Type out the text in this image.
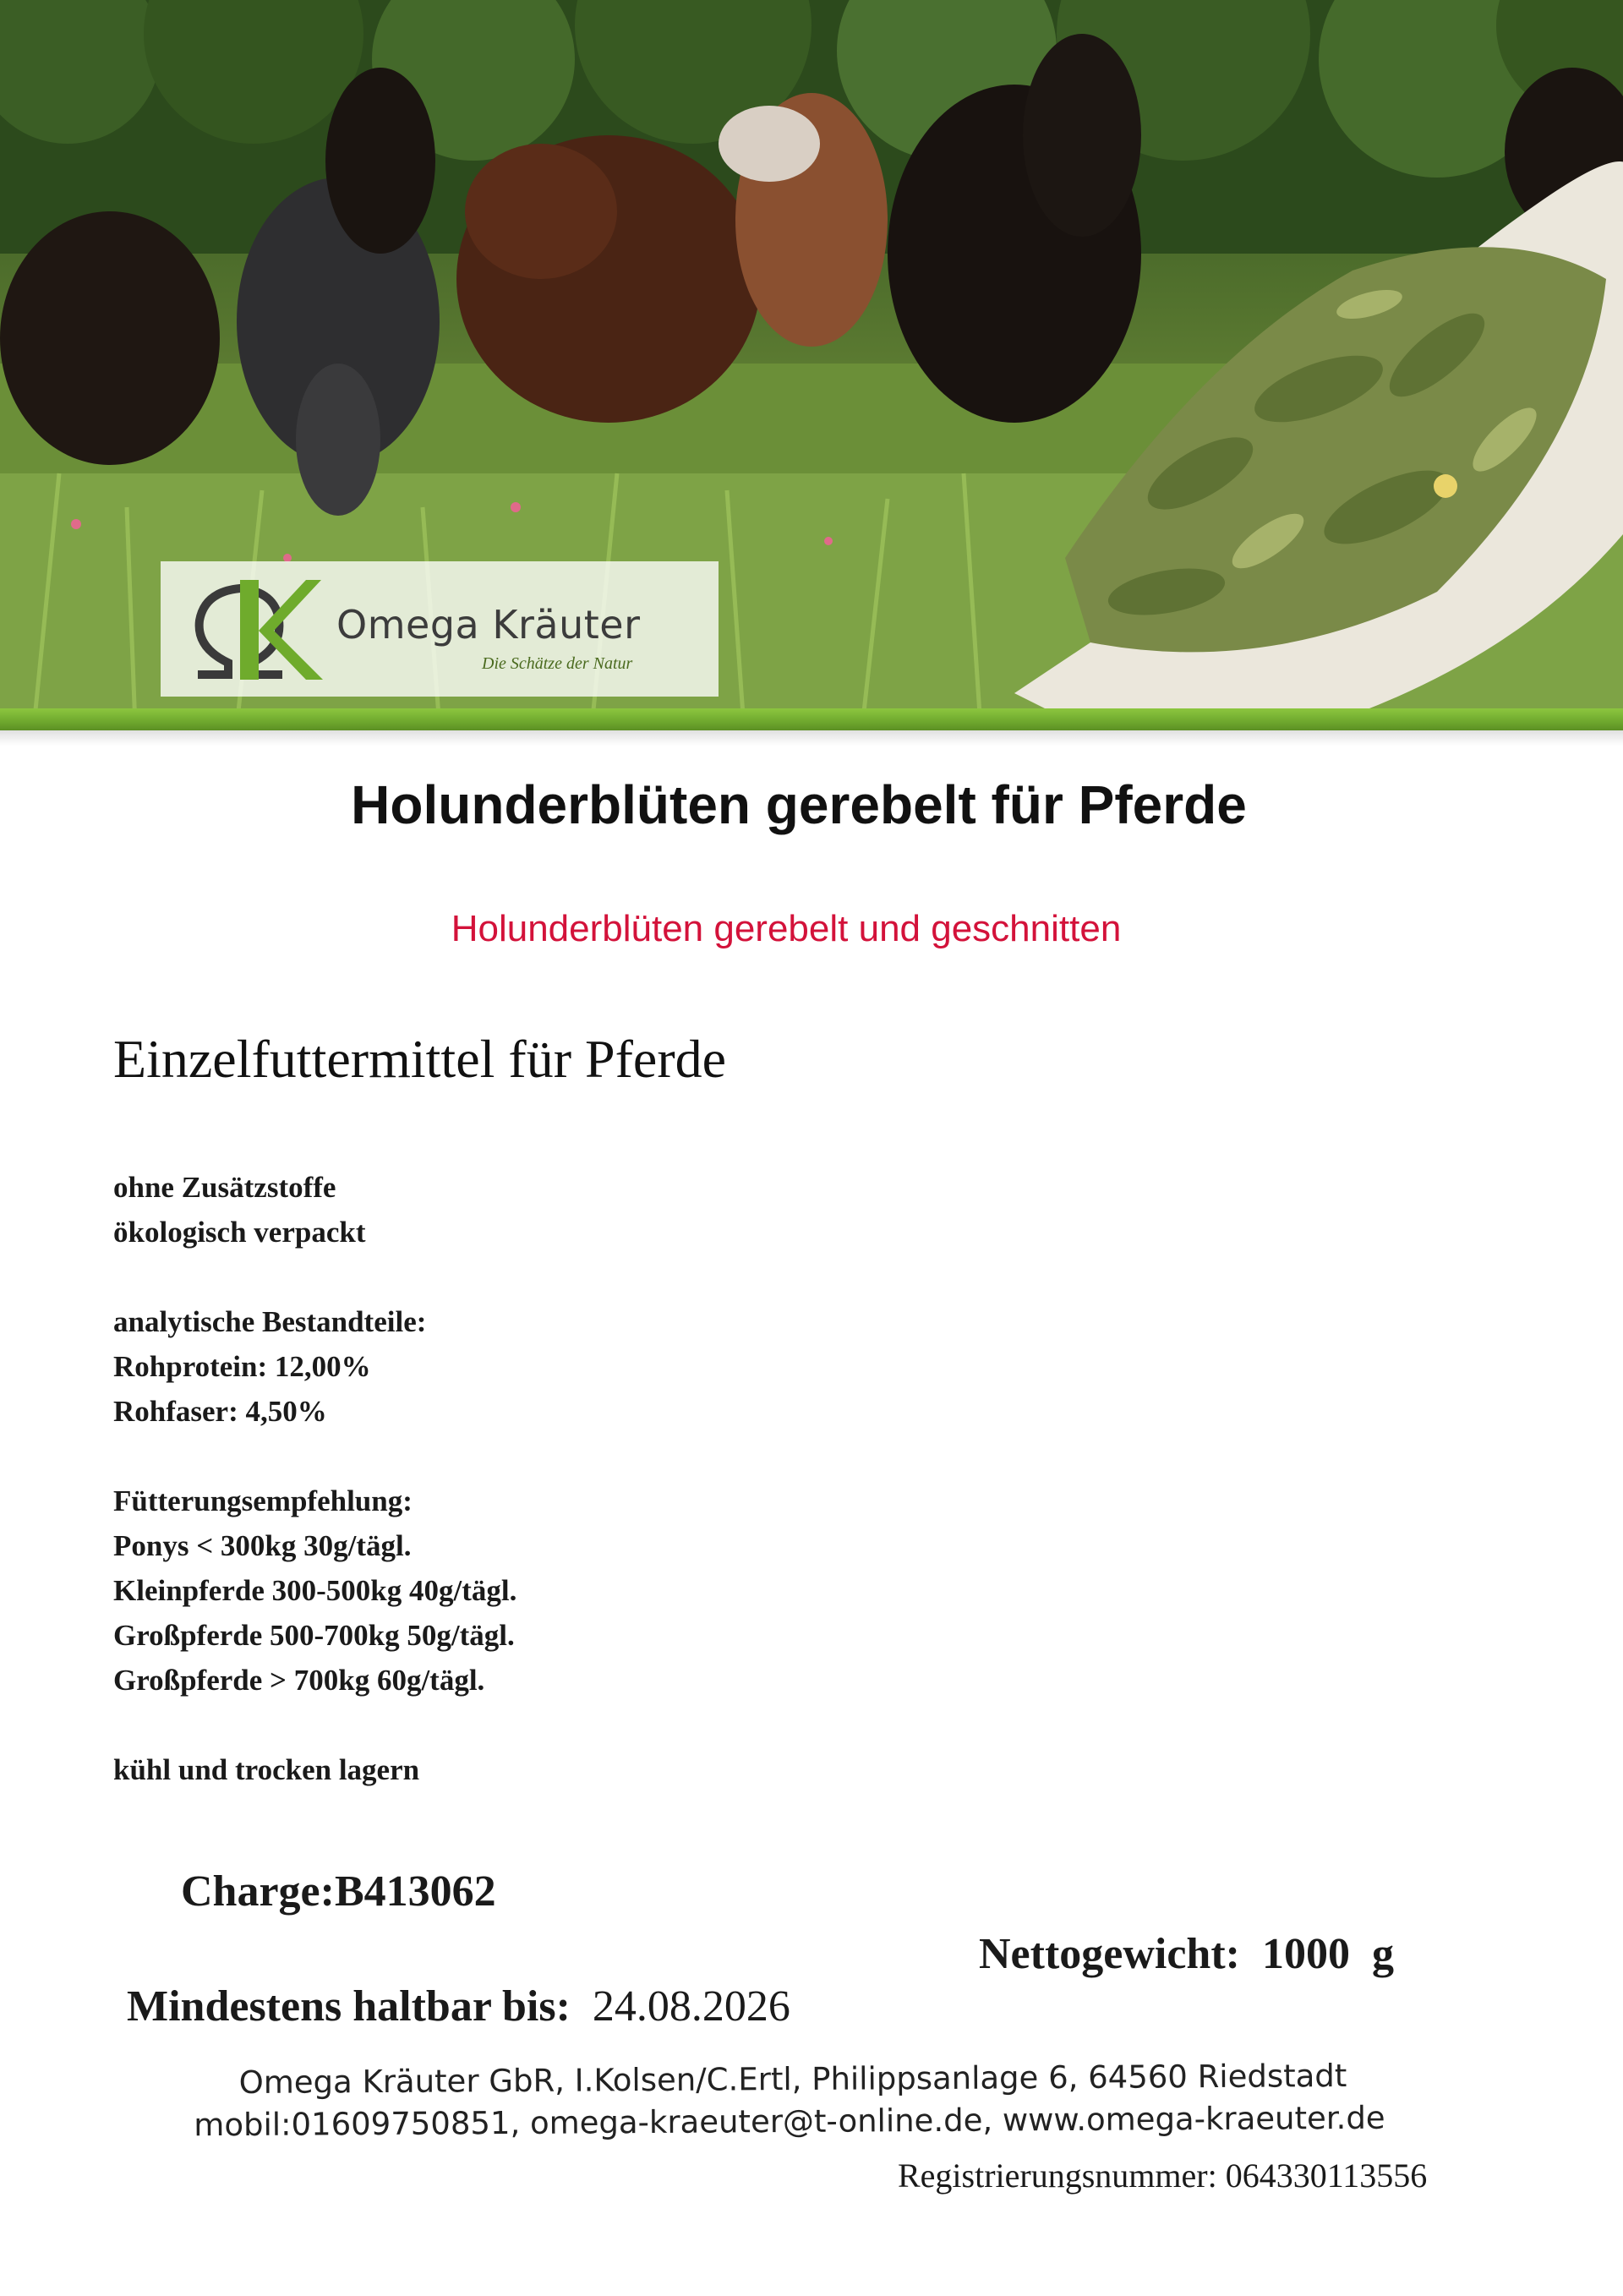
Omega Kräuter
Die Schätze der Natur
Holunderblüten gerebelt für Pferde
Holunderblüten gerebelt und geschnitten
Einzelfuttermittel für Pferde
ohne Zusätzstoffe
ökologisch verpackt
analytische Bestandteile:
Rohprotein: 12,00%
Rohfaser: 4,50%
Fütterungsempfehlung:
Ponys < 300kg 30g/tägl.
Kleinpferde 300-500kg 40g/tägl.
Großpferde 500-700kg 50g/tägl.
Großpferde > 700kg 60g/tägl.
kühl und trocken lagern
Charge:B413062
Nettogewicht: 1000  g
Mindestens haltbar bis: 24.08.2026
Omega Kräuter GbR, I.Kolsen/C.Ertl, Philippsanlage 6, 64560 Riedstadt
mobil:01609750851, omega-kraeuter@t-online.de, www.omega-kraeuter.de
Registrierungsnummer: 064330113556
